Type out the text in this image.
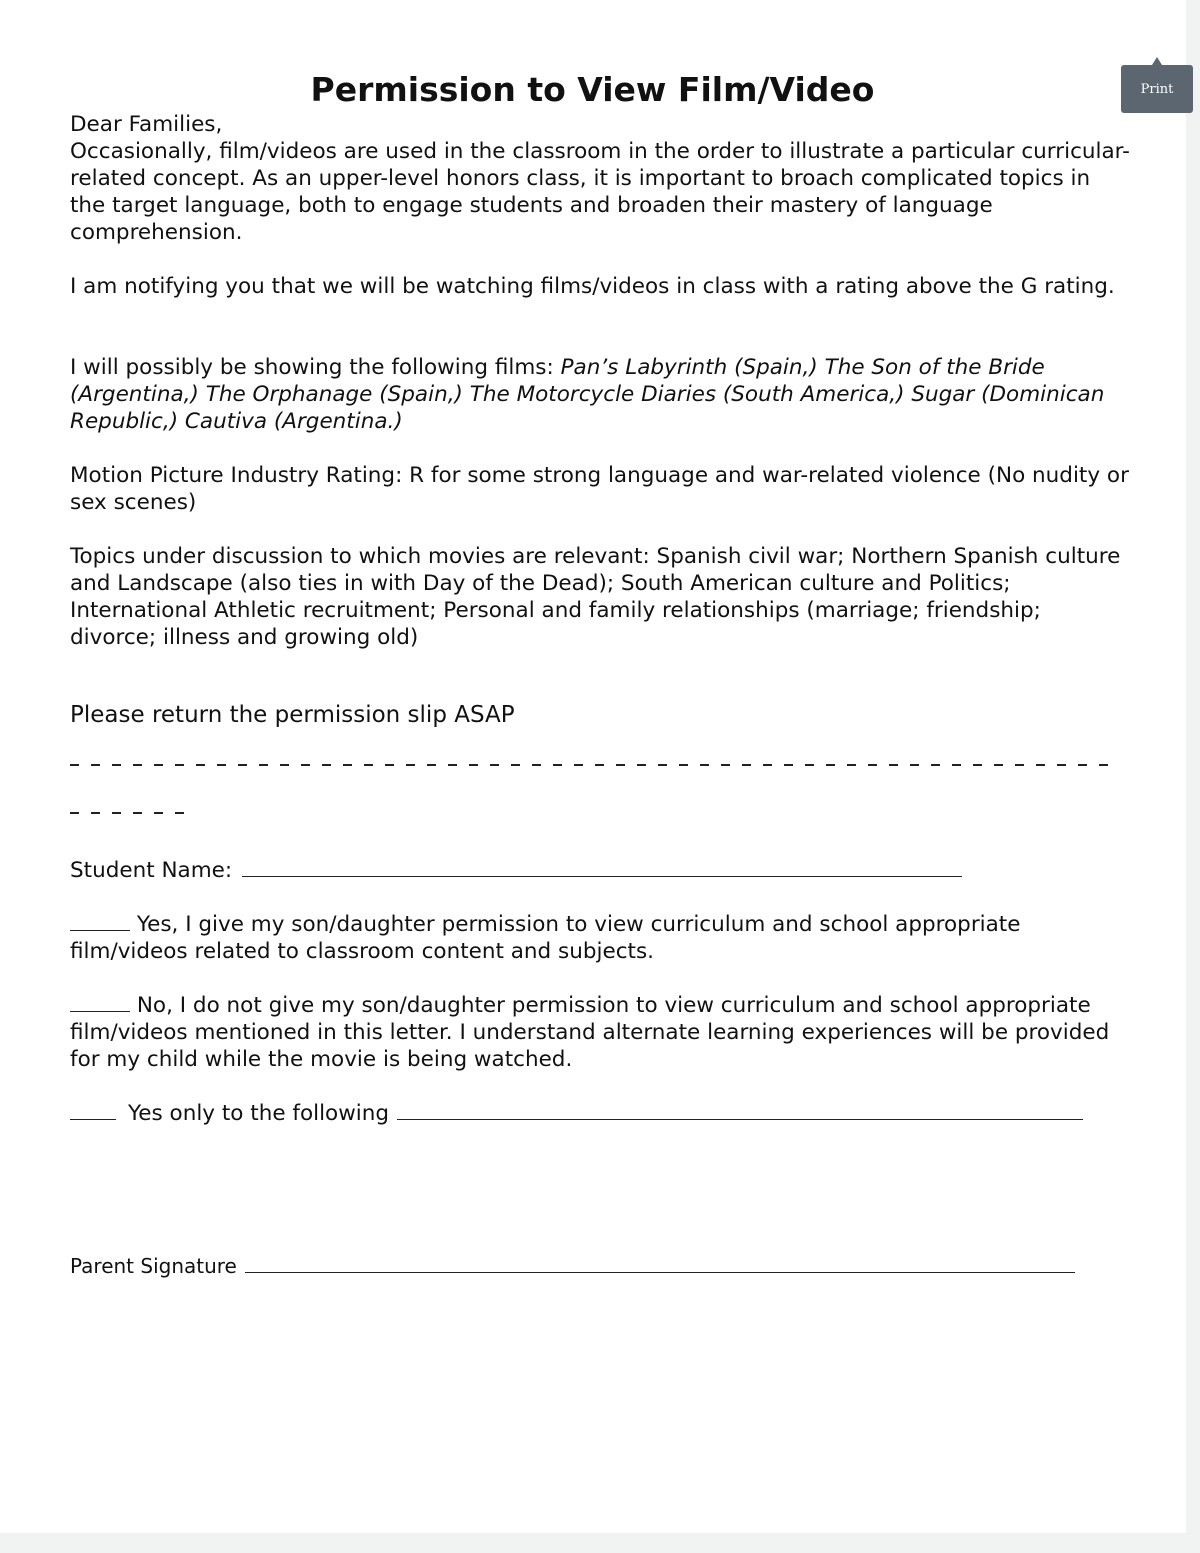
Print
Permission to View Film/Video

Dear Families,

Occasionally, film/videos are used in the classroom in the order to illustrate a particular curricular-related concept. As an upper-level honors class, it is important to broach complicated topics in the target language, both to engage students and broaden their mastery of language comprehension.

I am notifying you that we will be watching films/videos in class with a rating above the G rating.

I will possibly be showing the following films: Pan’s Labyrinth (Spain,) The Son of the Bride (Argentina,) The Orphanage (Spain,) The Motorcycle Diaries (South America,) Sugar (Dominican Republic,) Cautiva (Argentina.)

Motion Picture Industry Rating: R for some strong language and war-related violence (No nudity or sex scenes)

Topics under discussion to which movies are relevant: Spanish civil war; Northern Spanish culture and Landscape (also ties in with Day of the Dead); South American culture and Politics; International Athletic recruitment; Personal and family relationships (marriage; friendship; divorce; illness and growing old)

Please return the permission slip ASAP

Student Name:

Yes, I give my son/daughter permission to view curriculum and school appropriate film/videos related to classroom content and subjects.

No, I do not give my son/daughter permission to view curriculum and school appropriate film/videos mentioned in this letter. I understand alternate learning experiences will be provided for my child while the movie is being watched.

Yes only to the following

Parent Signature
